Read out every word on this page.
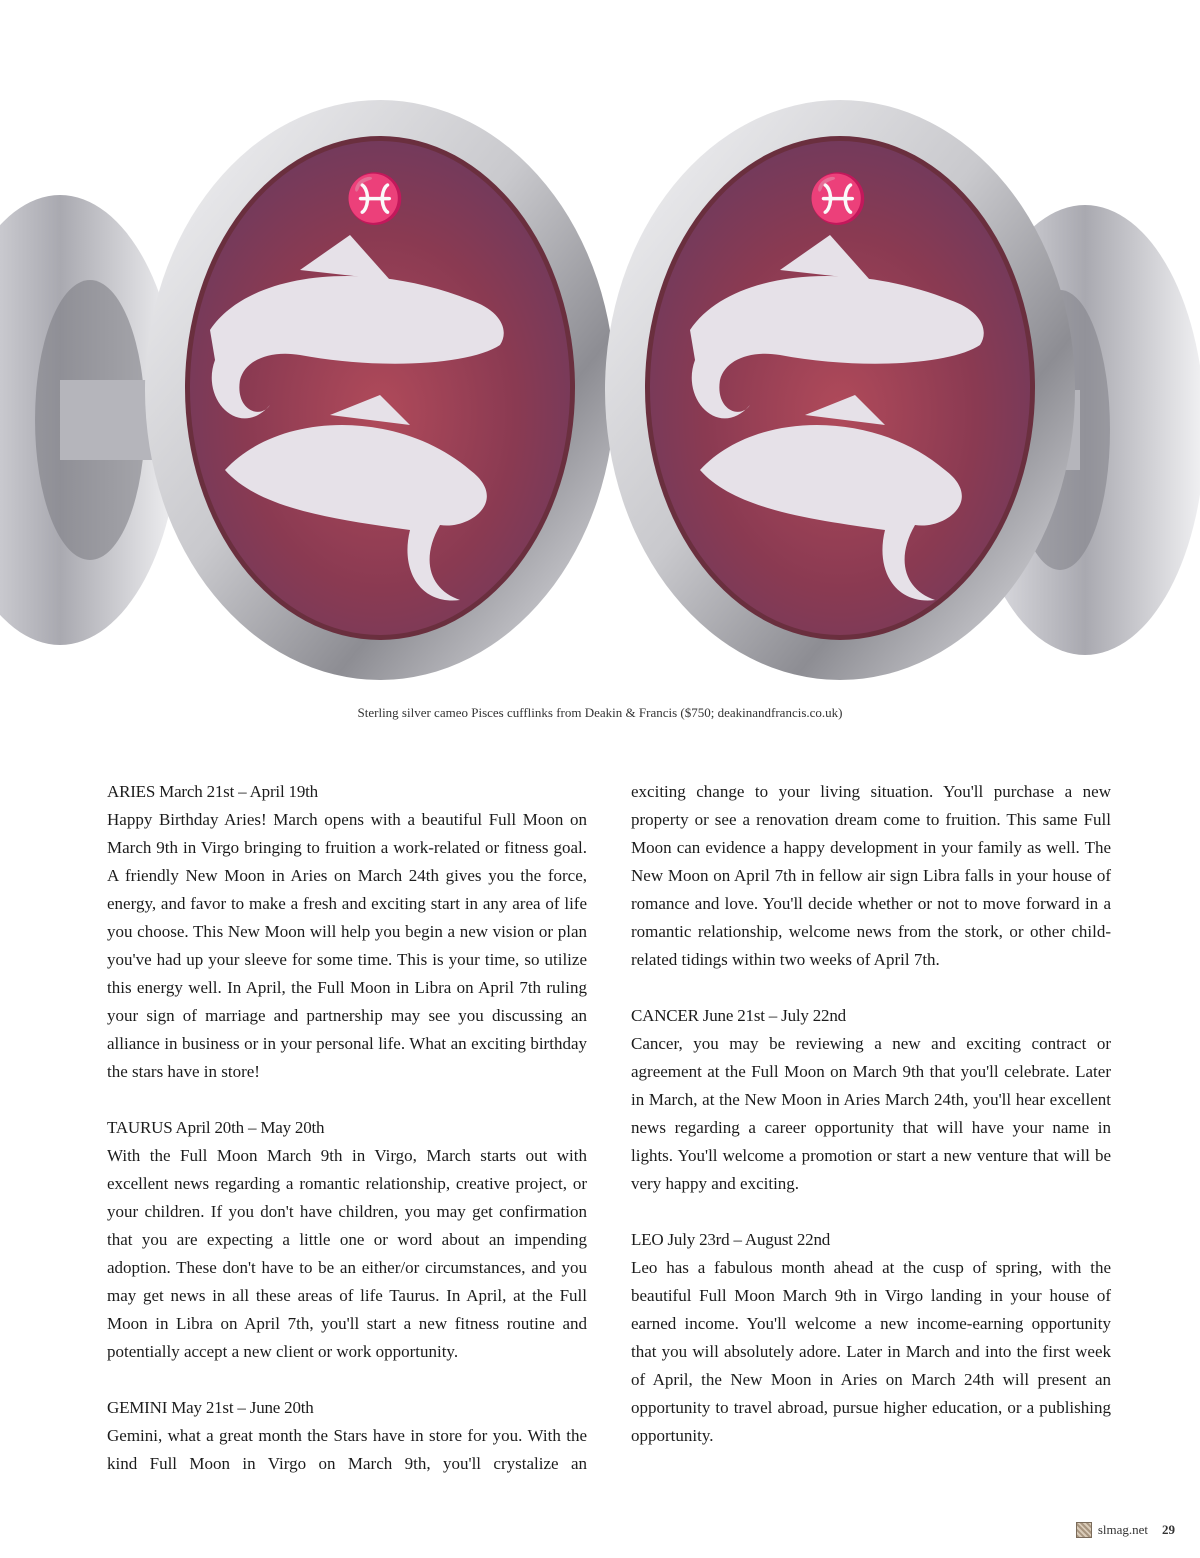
♓	♓
Sterling silver cameo Pisces cufflinks from Deakin & Francis ($750; deakinandfrancis.co.uk)
ARIES March 21st – April 19th

Happy Birthday Aries! March opens with a beautiful Full Moon on March 9th in Virgo bringing to fruition a work-related or fitness goal. A friendly New Moon in Aries on March 24th gives you the force, energy, and favor to make a fresh and exciting start in any area of life you choose. This New Moon will help you begin a new vision or plan you've had up your sleeve for some time. This is your time, so utilize this energy well. In April, the Full Moon in Libra on April 7th ruling your sign of marriage and partnership may see you discussing an alliance in business or in your personal life. What an exciting birthday the stars have in store!

TAURUS April 20th – May 20th

With the Full Moon March 9th in Virgo, March starts out with excellent news regarding a romantic relationship, creative project, or your children. If you don't have children, you may get confirmation that you are expecting a little one or word about an impending adoption. These don't have to be an either/or circumstances, and you may get news in all these areas of life Taurus. In April, at the Full Moon in Libra on April 7th, you'll start a new fitness routine and potentially accept a new client or work opportunity.

GEMINI May 21st – June 20th

Gemini, what a great month the Stars have in store for you. With the kind Full Moon in Virgo on March 9th, you'll crystalize an

exciting change to your living situation. You'll purchase a new property or see a renovation dream come to fruition. This same Full Moon can evidence a happy development in your family as well. The New Moon on April 7th in fellow air sign Libra falls in your house of romance and love. You'll decide whether or not to move forward in a romantic relationship, welcome news from the stork, or other child-related tidings within two weeks of April 7th.

CANCER June 21st – July 22nd

Cancer, you may be reviewing a new and exciting contract or agreement at the Full Moon on March 9th that you'll celebrate. Later in March, at the New Moon in Aries March 24th, you'll hear excellent news regarding a career opportunity that will have your name in lights. You'll welcome a promotion or start a new venture that will be very happy and exciting.

LEO July 23rd – August 22nd

Leo has a fabulous month ahead at the cusp of spring, with the beautiful Full Moon March 9th in Virgo landing in your house of earned income. You'll welcome a new income-earning opportunity that you will absolutely adore. Later in March and into the first week of April, the New Moon in Aries on March 24th will present an opportunity to travel abroad, pursue higher education, or a publishing opportunity.

slmag.net 29
